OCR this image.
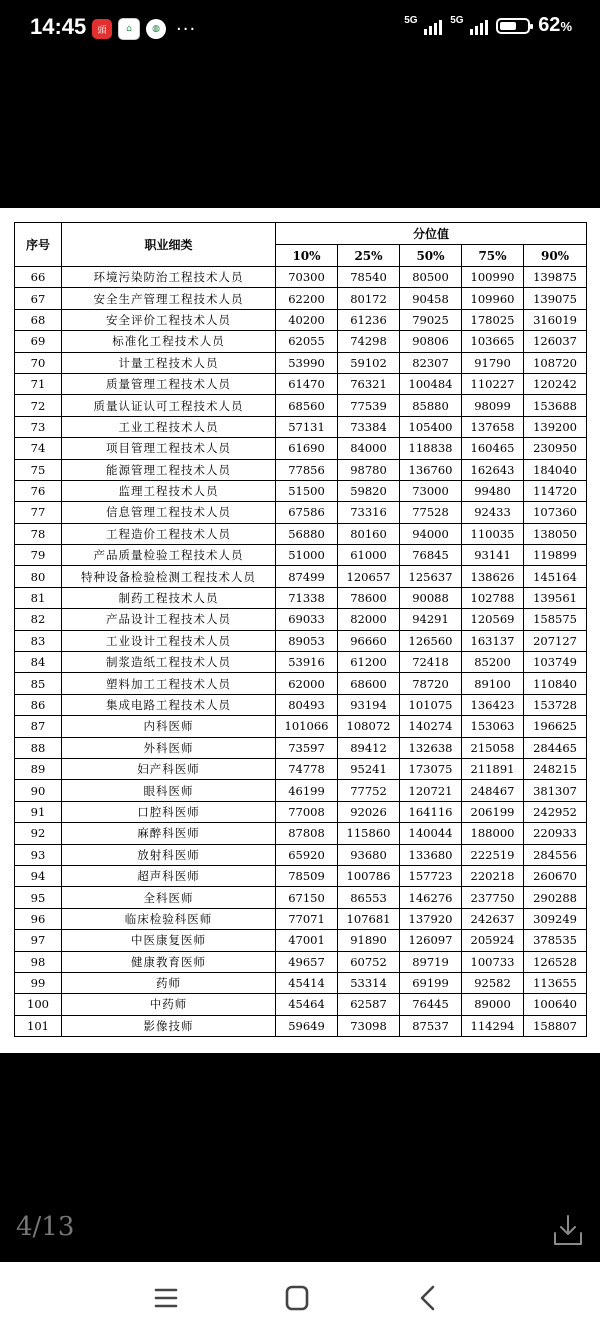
14:45	頭	⌂	◍ ···	5G	5G	62%
序号	职业细类	分位值				
		10%	25%	50%	75%	90%
66	环境污染防治工程技术人员	70300	78540	80500	100990	139875
67	安全生产管理工程技术人员	62200	80172	90458	109960	139075
68	安全评价工程技术人员	40200	61236	79025	178025	316019
69	标准化工程技术人员	62055	74298	90806	103665	126037
70	计量工程技术人员	53990	59102	82307	91790	108720
71	质量管理工程技术人员	61470	76321	100484	110227	120242
72	质量认证认可工程技术人员	68560	77539	85880	98099	153688
73	工业工程技术人员	57131	73384	105400	137658	139200
74	项目管理工程技术人员	61690	84000	118838	160465	230950
75	能源管理工程技术人员	77856	98780	136760	162643	184040
76	监理工程技术人员	51500	59820	73000	99480	114720
77	信息管理工程技术人员	67586	73316	77528	92433	107360
78	工程造价工程技术人员	56880	80160	94000	110035	138050
79	产品质量检验工程技术人员	51000	61000	76845	93141	119899
80	特种设备检验检测工程技术人员	87499	120657	125637	138626	145164
81	制药工程技术人员	71338	78600	90088	102788	139561
82	产品设计工程技术人员	69033	82000	94291	120569	158575
83	工业设计工程技术人员	89053	96660	126560	163137	207127
84	制浆造纸工程技术人员	53916	61200	72418	85200	103749
85	塑料加工工程技术人员	62000	68600	78720	89100	110840
86	集成电路工程技术人员	80493	93194	101075	136423	153728
87	内科医师	101066	108072	140274	153063	196625
88	外科医师	73597	89412	132638	215058	284465
89	妇产科医师	74778	95241	173075	211891	248215
90	眼科医师	46199	77752	120721	248467	381307
91	口腔科医师	77008	92026	164116	206199	242952
92	麻醉科医师	87808	115860	140044	188000	220933
93	放射科医师	65920	93680	133680	222519	284556
94	超声科医师	78509	100786	157723	220218	260670
95	全科医师	67150	86553	146276	237750	290288
96	临床检验科医师	77071	107681	137920	242637	309249
97	中医康复医师	47001	91890	126097	205924	378535
98	健康教育医师	49657	60752	89719	100733	126528
99	药师	45414	53314	69199	92582	113655
100	中药师	45464	62587	76445	89000	100640
101	影像技师	59649	73098	87537	114294	158807
4/13
